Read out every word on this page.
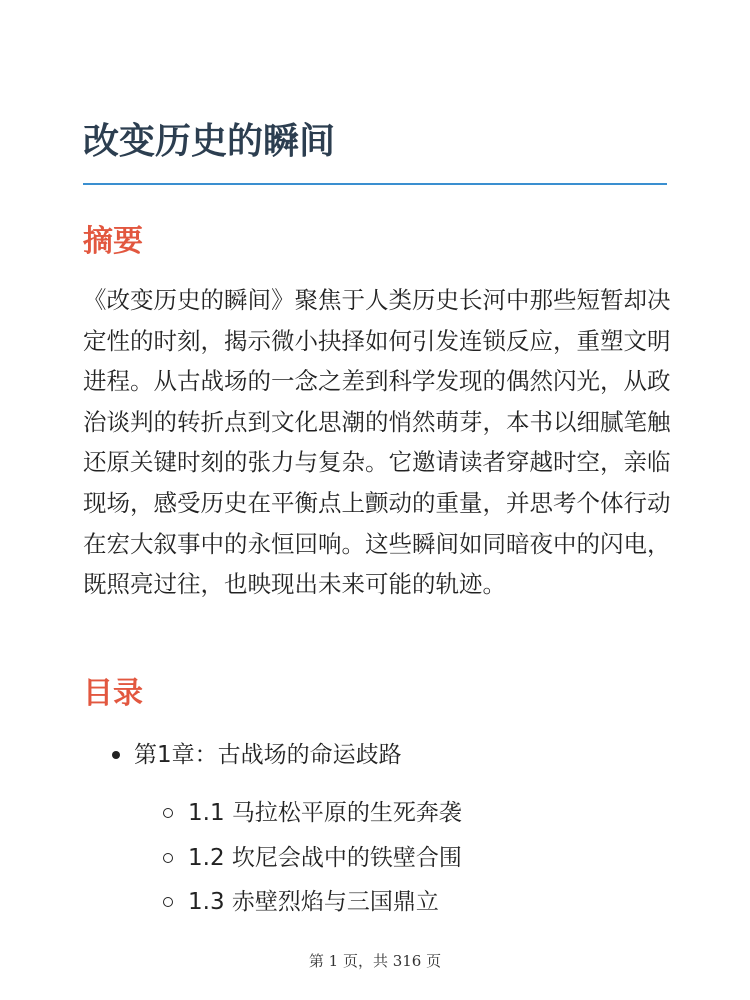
改变历史的瞬间
摘要

《改变历史的瞬间》聚焦于人类历史长河中那些短暂却决定性的时刻，揭示微小抉择如何引发连锁反应，重塑文明进程。从古战场的一念之差到科学发现的偶然闪光，从政治谈判的转折点到文化思潮的悄然萌芽，本书以细腻笔触还原关键时刻的张力与复杂。它邀请读者穿越时空，亲临现场，感受历史在平衡点上颤动的重量，并思考个体行动在宏大叙事中的永恒回响。这些瞬间如同暗夜中的闪电，既照亮过往，也映现出未来可能的轨迹。

目录
第1章：古战场的命运歧路
1.1 马拉松平原的生死奔袭
1.2 坎尼会战中的铁壁合围
1.3 赤壁烈焰与三国鼎立
第 1 页，共 316 页
